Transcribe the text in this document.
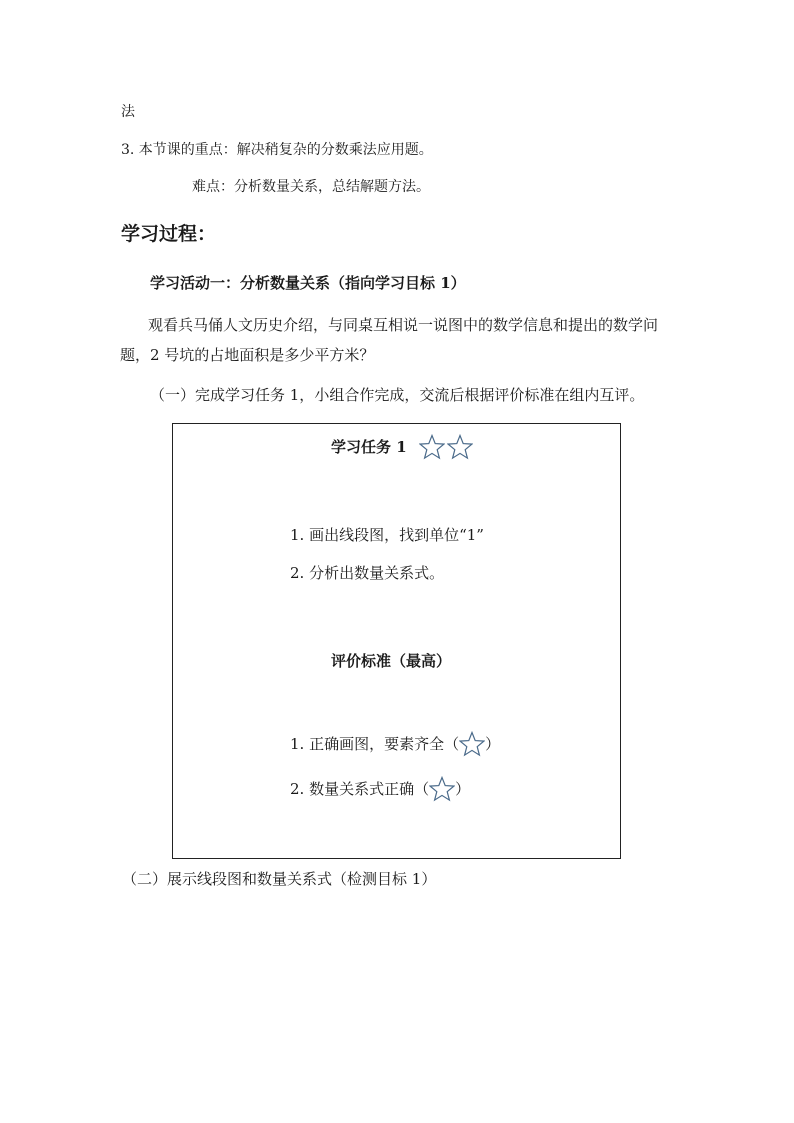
法
3. 本节课的重点：解决稍复杂的分数乘法应用题。
难点：分析数量关系，总结解题方法。
学习过程：
学习活动一：分析数量关系（指向学习目标 1）
观看兵马俑人文历史介绍，与同桌互相说一说图中的数学信息和提出的数学问
题，2 号坑的占地面积是多少平方米？
（一）完成学习任务 1，小组合作完成，交流后根据评价标准在组内互评。
学习任务 1
1. 画出线段图，找到单位“1”
2. 分析出数量关系式。
评价标准（最高）
1. 正确画图，要素齐全（ ）
2. 数量关系式正确（ ）
（二）展示线段图和数量关系式（检测目标 1）
